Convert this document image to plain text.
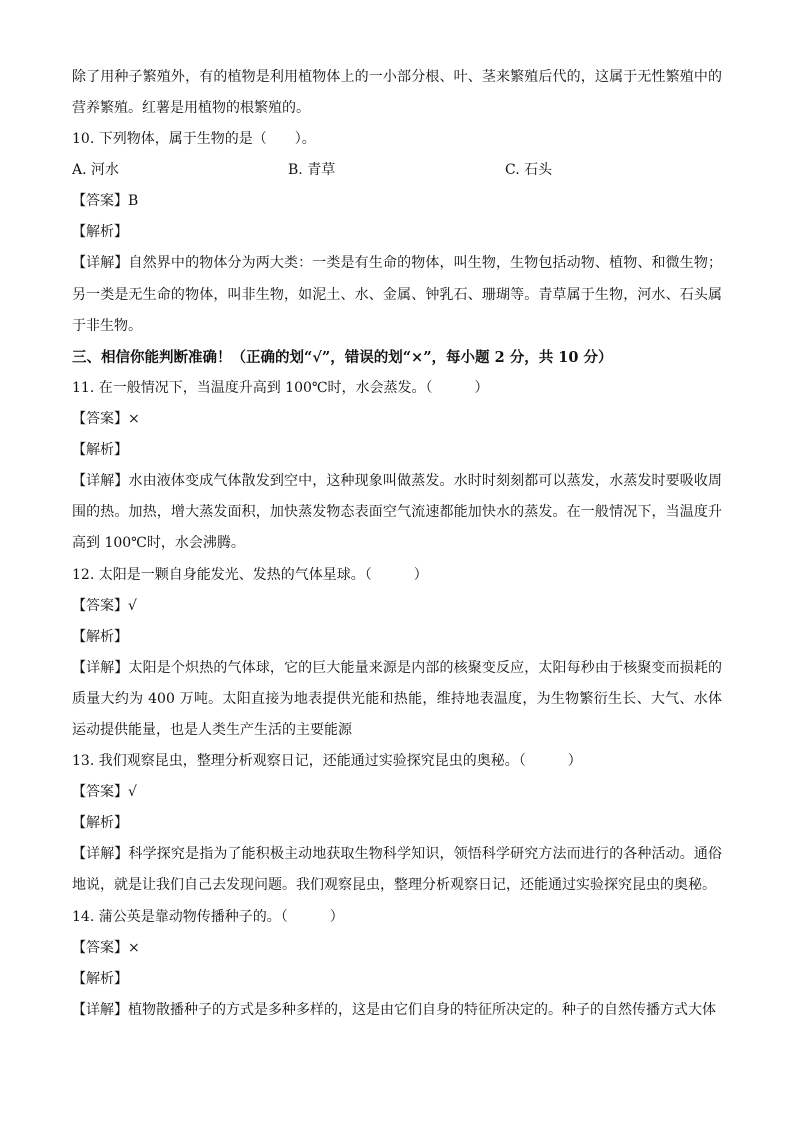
除了用种子繁殖外，有的植物是利用植物体上的一小部分根、叶、茎来繁殖后代的，这属于无性繁殖中的营养繁殖。红薯是用植物的根繁殖的。
10. 下列物体，属于生物的是（　　）。
A. 河水	B. 青草	C. 石头
【答案】B
【解析】
【详解】自然界中的物体分为两大类：一类是有生命的物体，叫生物，生物包括动物、植物、和微生物；另一类是无生命的物体，叫非生物，如泥土、水、金属、钟乳石、珊瑚等。青草属于生物，河水、石头属于非生物。
三、相信你能判断准确！（正确的划“√”，错误的划“×”，每小题 2 分，共 10 分）
11. 在一般情况下，当温度升高到 100℃时，水会蒸发。（　　　）
【答案】×
【解析】
【详解】水由液体变成气体散发到空中，这种现象叫做蒸发。水时时刻刻都可以蒸发，水蒸发时要吸收周围的热。加热，增大蒸发面积，加快蒸发物态表面空气流速都能加快水的蒸发。在一般情况下，当温度升高到 100℃时，水会沸腾。
12. 太阳是一颗自身能发光、发热的气体星球。（　　　）
【答案】√
【解析】
【详解】太阳是个炽热的气体球，它的巨大能量来源是内部的核聚变反应，太阳每秒由于核聚变而损耗的质量大约为 400 万吨。太阳直接为地表提供光能和热能，维持地表温度，为生物繁衍生长、大气、水体运动提供能量，也是人类生产生活的主要能源
13. 我们观察昆虫，整理分析观察日记，还能通过实验探究昆虫的奥秘。（　　　）
【答案】√
【解析】
【详解】科学探究是指为了能积极主动地获取生物科学知识，领悟科学研究方法而进行的各种活动。通俗地说，就是让我们自己去发现问题。我们观察昆虫，整理分析观察日记，还能通过实验探究昆虫的奥秘。
14. 蒲公英是靠动物传播种子的。（　　　）
【答案】×
【解析】
【详解】植物散播种子的方式是多种多样的，这是由它们自身的特征所决定的。种子的自然传播方式大体
